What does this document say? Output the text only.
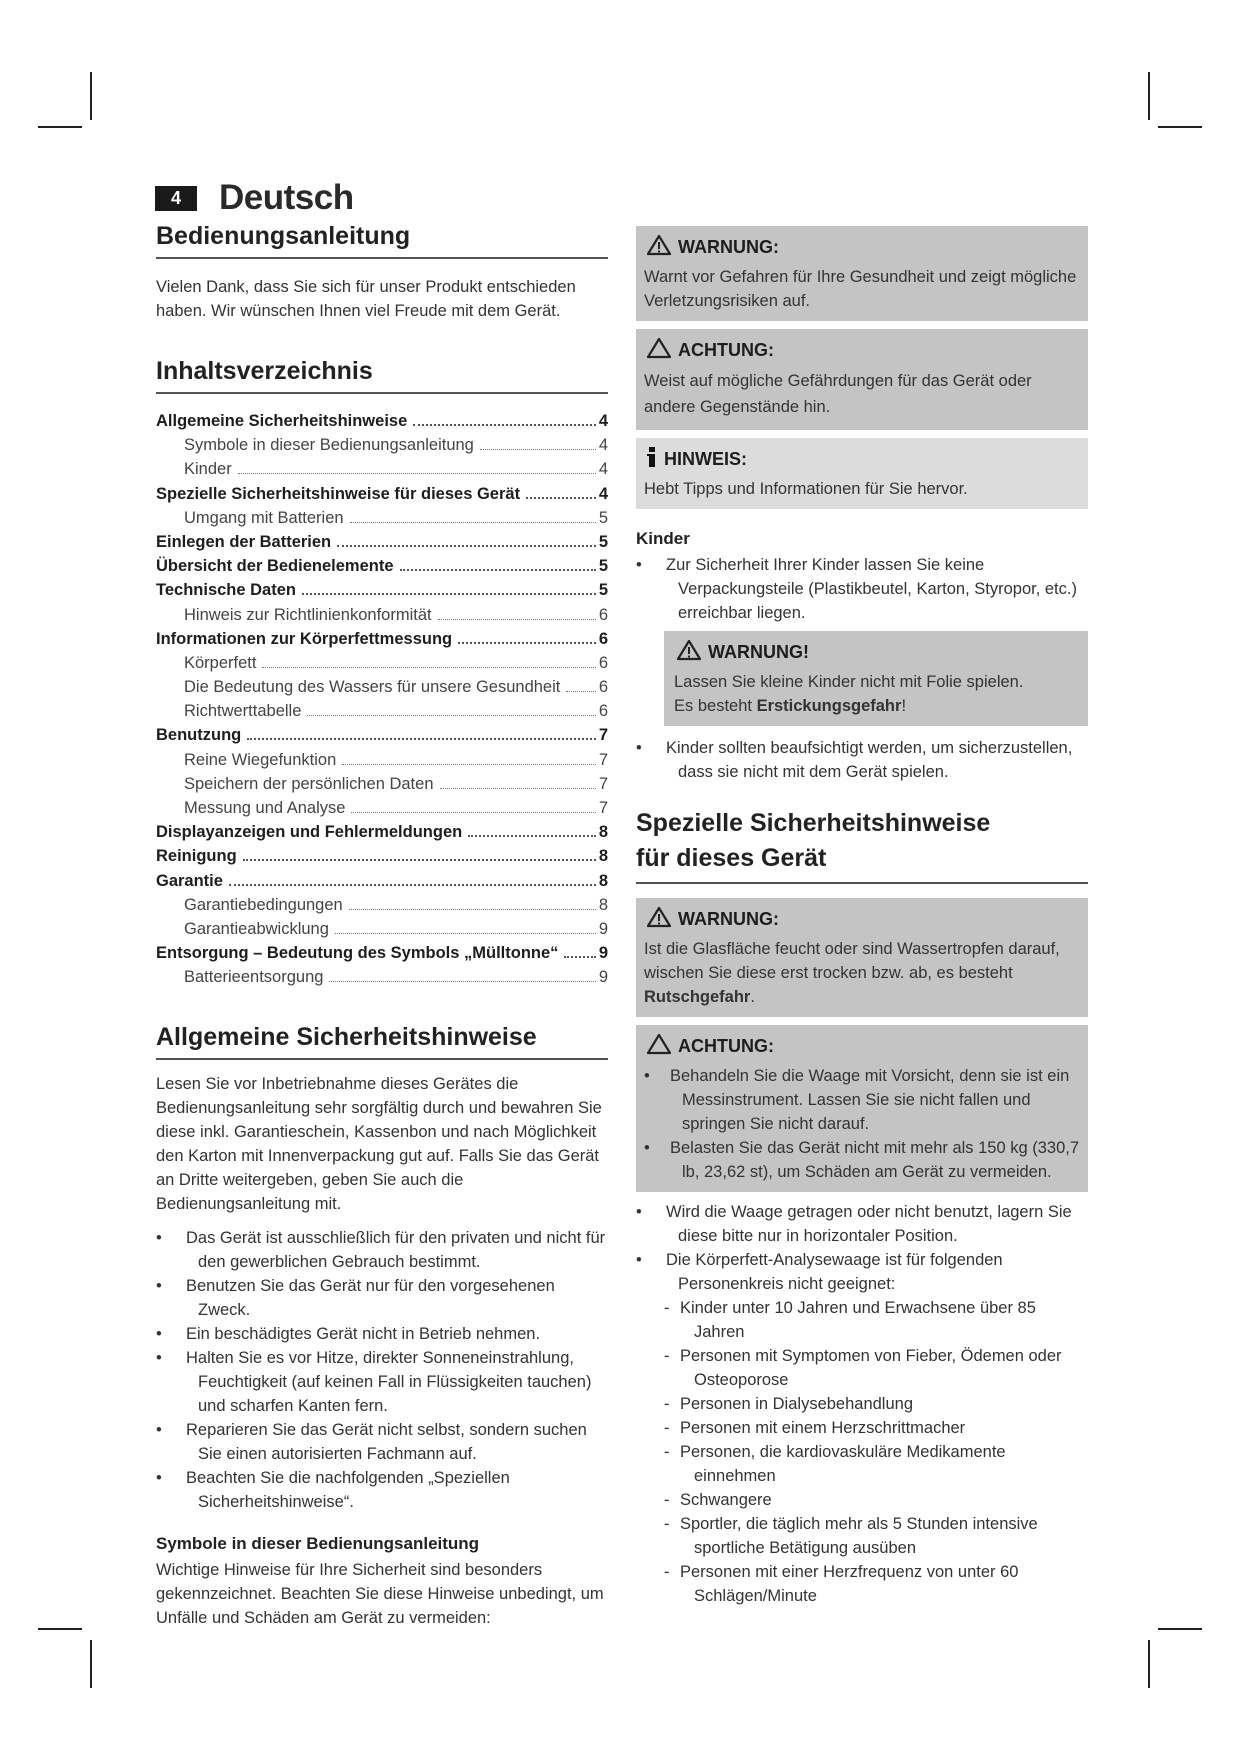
4	Deutsch
Bedienungsanleitung

Vielen Dank, dass Sie sich für unser Produkt entschieden haben. Wir wünschen Ihnen viel Freude mit dem Gerät.

Inhaltsverzeichnis
Allgemeine Sicherheitshinweise	4
Symbole in dieser Bedienungsanleitung	4
Kinder	4
Spezielle Sicherheitshinweise für dieses Gerät	4
Umgang mit Batterien	5
Einlegen der Batterien	5
Übersicht der Bedienelemente	5
Technische Daten	5
Hinweis zur Richtlinienkonformität	6
Informationen zur Körperfettmessung	6
Körperfett	6
Die Bedeutung des Wassers für unsere Gesundheit 6
Richtwerttabelle	6
Benutzung	7
Reine Wiegefunktion	7
Speichern der persönlichen Daten	7
Messung und Analyse	7
Displayanzeigen und Fehlermeldungen	8
Reinigung	8
Garantie	8
Garantiebedingungen	8
Garantieabwicklung	9
Entsorgung – Bedeutung des Symbols „Mülltonne“ 9
Batterieentsorgung	9
Allgemeine Sicherheitshinweise

Lesen Sie vor Inbetriebnahme dieses Gerätes die Bedienungsanleitung sehr sorgfältig durch und bewahren Sie diese inkl. Garantieschein, Kassenbon und nach Möglichkeit den Karton mit Innenverpackung gut auf. Falls Sie das Gerät an Dritte weitergeben, geben Sie auch die Bedienungsanleitung mit.

•	Das Gerät ist ausschließlich für den privaten und nicht für den gewerblichen Gebrauch bestimmt.
•	Benutzen Sie das Gerät nur für den vorgesehenen Zweck.
•	Ein beschädigtes Gerät nicht in Betrieb nehmen.
•	Halten Sie es vor Hitze, direkter Sonneneinstrahlung, Feuchtigkeit (auf keinen Fall in Flüssigkeiten tauchen) und scharfen Kanten fern.
•	Reparieren Sie das Gerät nicht selbst, sondern suchen Sie einen autorisierten Fachmann auf.
•	Beachten Sie die nachfolgenden „Speziellen Sicherheitshinweise“.
Symbole in dieser Bedienungsanleitung

Wichtige Hinweise für Ihre Sicherheit sind besonders gekennzeichnet. Beachten Sie diese Hinweise unbedingt, um Unfälle und Schäden am Gerät zu vermeiden:

WARNUNG:

Warnt vor Gefahren für Ihre Gesundheit und zeigt mögliche Verletzungsrisiken auf.

ACHTUNG:

Weist auf mögliche Gefährdungen für das Gerät oder andere Gegenstände hin.

HINWEIS:

Hebt Tipps und Informationen für Sie hervor.

Kinder
•	Zur Sicherheit Ihrer Kinder lassen Sie keine Verpackungsteile (Plastikbeutel, Karton, Styropor, etc.) erreichbar liegen.
WARNUNG!

Lassen Sie kleine Kinder nicht mit Folie spielen.

Es besteht Erstickungsgefahr!

•	Kinder sollten beaufsichtigt werden, um sicherzustellen, dass sie nicht mit dem Gerät spielen.
Spezielle Sicherheitshinweise
für dieses Gerät
WARNUNG:

Ist die Glasfläche feucht oder sind Wassertropfen darauf, wischen Sie diese erst trocken bzw. ab, es besteht Rutschgefahr.

ACHTUNG:
•	Behandeln Sie die Waage mit Vorsicht, denn sie ist ein Messinstrument. Lassen Sie sie nicht fallen und springen Sie nicht darauf.
•	Belasten Sie das Gerät nicht mit mehr als 150 kg (330,7 lb, 23,62 st), um Schäden am Gerät zu vermeiden.
•	Wird die Waage getragen oder nicht benutzt, lagern Sie diese bitte nur in horizontaler Position.
•	Die Körperfett-Analysewaage ist für folgenden Personenkreis nicht geeignet:
- Kinder unter 10 Jahren und Erwachsene über 85 Jahren
- Personen mit Symptomen von Fieber, Ödemen oder Osteoporose
- Personen in Dialysebehandlung
- Personen mit einem Herzschrittmacher
- Personen, die kardiovaskuläre Medikamente einnehmen
- Schwangere
- Sportler, die täglich mehr als 5 Stunden intensive sportliche Betätigung ausüben
- Personen mit einer Herzfrequenz von unter 60 Schlägen/Minute
